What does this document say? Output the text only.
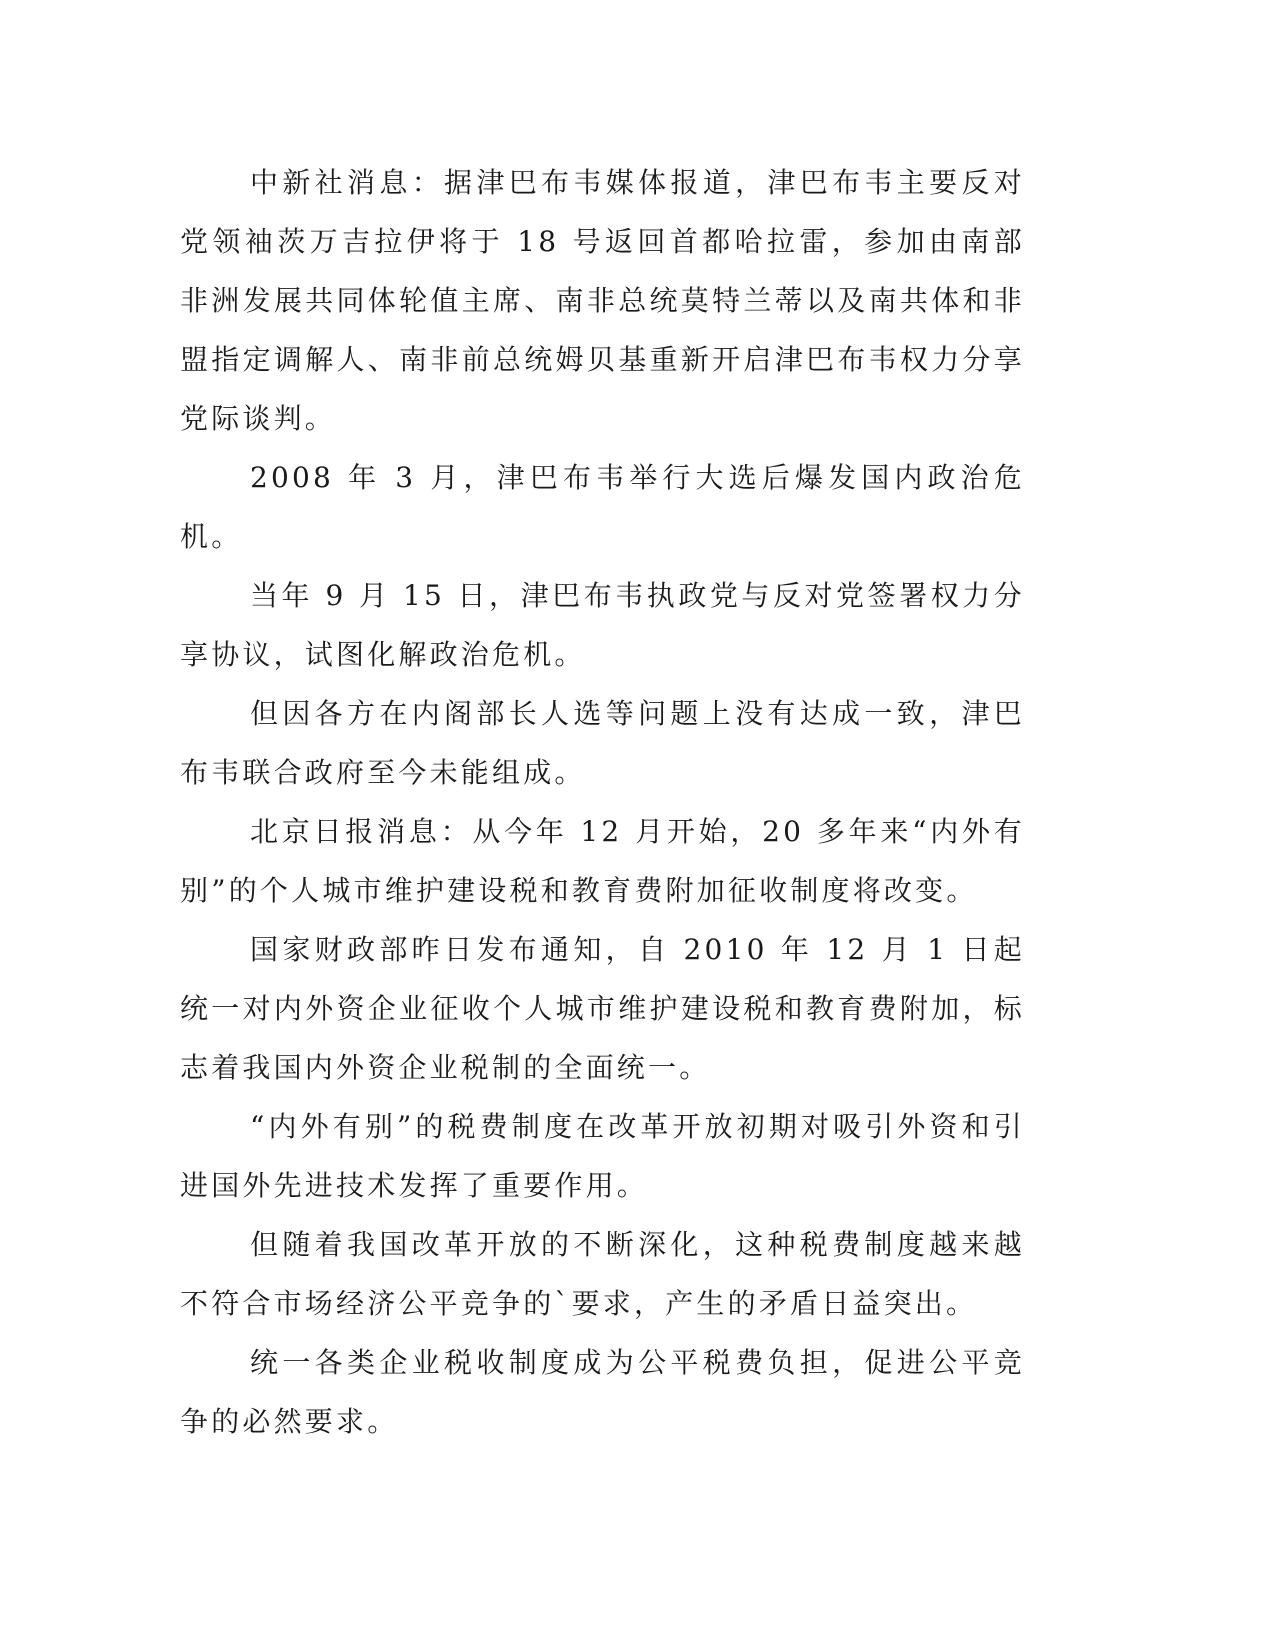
中新社消息：据津巴布韦媒体报道，津巴布韦主要反对党领袖茨万吉拉伊将于 18 号返回首都哈拉雷，参加由南部非洲发展共同体轮值主席、南非总统莫特兰蒂以及南共体和非盟指定调解人、南非前总统姆贝基重新开启津巴布韦权力分享党际谈判。

2008 年 3 月，津巴布韦举行大选后爆发国内政治危机。

当年 9 月 15 日，津巴布韦执政党与反对党签署权力分享协议，试图化解政治危机。

但因各方在内阁部长人选等问题上没有达成一致，津巴布韦联合政府至今未能组成。

北京日报消息：从今年 12 月开始，20 多年来“内外有别”的个人城市维护建设税和教育费附加征收制度将改变。

国家财政部昨日发布通知，自 2010 年 12 月 1 日起统一对内外资企业征收个人城市维护建设税和教育费附加，标志着我国内外资企业税制的全面统一。

“内外有别”的税费制度在改革开放初期对吸引外资和引进国外先进技术发挥了重要作用。

但随着我国改革开放的不断深化，这种税费制度越来越不符合市场经济公平竞争的`要求，产生的矛盾日益突出。

统一各类企业税收制度成为公平税费负担，促进公平竞争的必然要求。
